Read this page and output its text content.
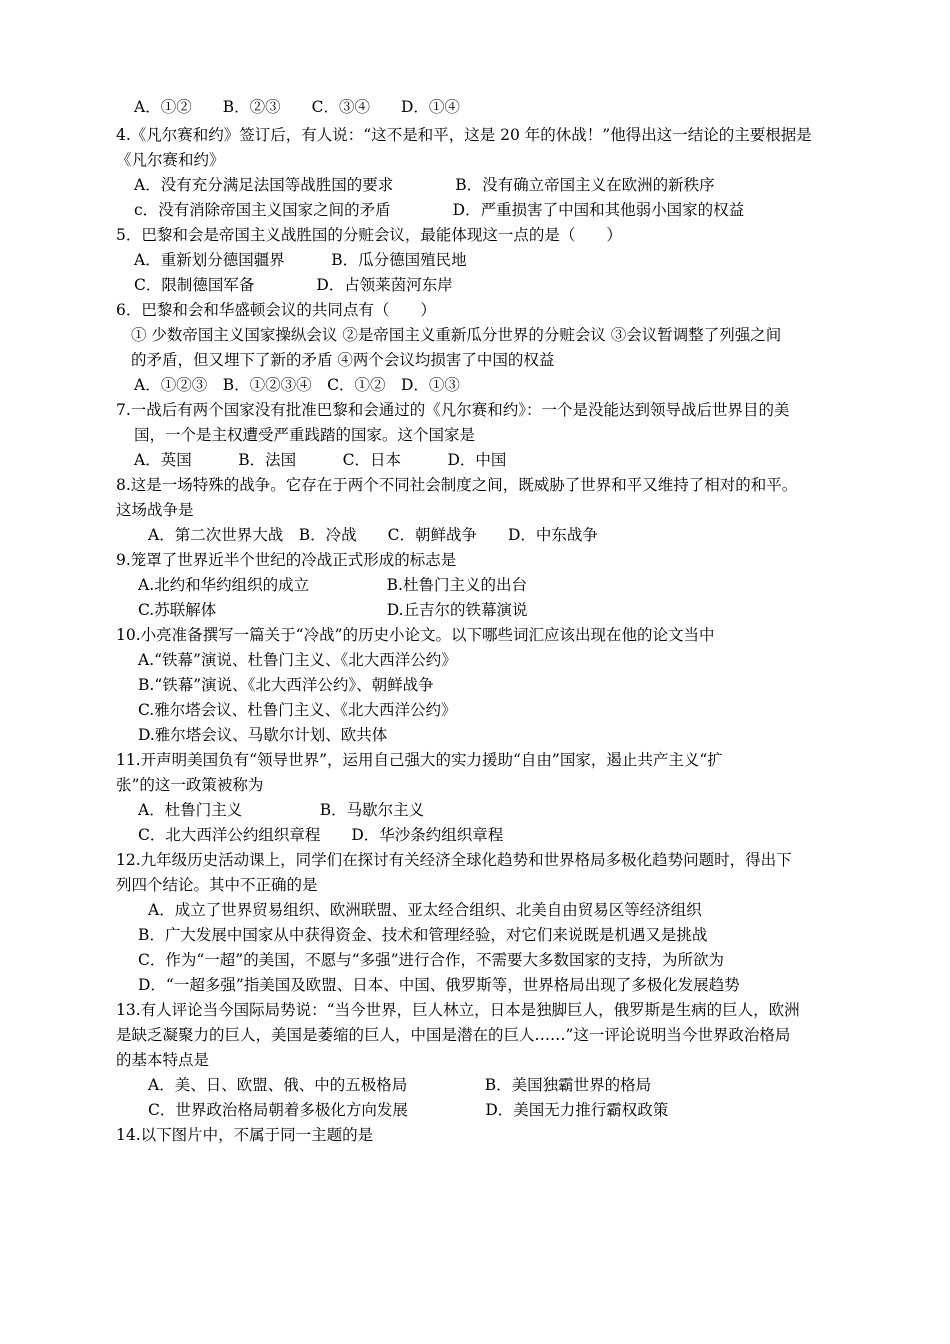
A．①②　　B．②③　　C．③④　　D．①④
4.《凡尔赛和约》签订后，有人说：“这不是和平，这是 20 年的休战！”他得出这一结论的主要根据是
《凡尔赛和约》
A．没有充分满足法国等战胜国的要求　　　　B．没有确立帝国主义在欧洲的新秩序
c．没有消除帝国主义国家之间的矛盾　　　　D．严重损害了中国和其他弱小国家的权益
5．巴黎和会是帝国主义战胜国的分赃会议，最能体现这一点的是（　　）
A．重新划分德国疆界　　　B．瓜分德国殖民地
C．限制德国军备　　　　D．占领莱茵河东岸
6．巴黎和会和华盛顿会议的共同点有（　　）
① 少数帝国主义国家操纵会议 ②是帝国主义重新瓜分世界的分赃会议 ③会议暂调整了列强之间
的矛盾，但又埋下了新的矛盾 ④两个会议均损害了中国的权益
A．①②③　B．①②③④　C．①②　D．①③
7.一战后有两个国家没有批准巴黎和会通过的《凡尔赛和约》：一个是没能达到领导战后世界目的美
国，一个是主权遭受严重践踏的国家。这个国家是
A．英国　　　B．法国　　　C．日本　　　D．中国
8.这是一场特殊的战争。它存在于两个不同社会制度之间，既威胁了世界和平又维持了相对的和平。
这场战争是
A．第二次世界大战　B．冷战　　C．朝鲜战争　　D．中东战争
9.笼罩了世界近半个世纪的冷战正式形成的标志是
A.北约和华约组织的成立　　　　　B.杜鲁门主义的出台
C.苏联解体　　　　　　　　　　　D.丘吉尔的铁幕演说
10.小亮准备撰写一篇关于“冷战”的历史小论文。以下哪些词汇应该出现在他的论文当中
A.“铁幕”演说、杜鲁门主义、《北大西洋公约》
B.“铁幕”演说、《北大西洋公约》、朝鲜战争
C.雅尔塔会议、杜鲁门主义、《北大西洋公约》
D.雅尔塔会议、马歇尔计划、欧共体
11.开声明美国负有“领导世界”，运用自己强大的实力援助“自由”国家，遏止共产主义“扩
张”的这一政策被称为
A．杜鲁门主义　　　　　B．马歇尔主义
C．北大西洋公约组织章程　　D．华沙条约组织章程
12.九年级历史活动课上，同学们在探讨有关经济全球化趋势和世界格局多极化趋势问题时，得出下
列四个结论。其中不正确的是
A．成立了世界贸易组织、欧洲联盟、亚太经合组织、北美自由贸易区等经济组织
B．广大发展中国家从中获得资金、技术和管理经验，对它们来说既是机遇又是挑战
C．作为“一超”的美国，不愿与“多强”进行合作，不需要大多数国家的支持，为所欲为
D．“一超多强”指美国及欧盟、日本、中国、俄罗斯等，世界格局出现了多极化发展趋势
13.有人评论当今国际局势说：“当今世界，巨人林立，日本是独脚巨人，俄罗斯是生病的巨人，欧洲
是缺乏凝聚力的巨人，美国是萎缩的巨人，中国是潜在的巨人……”这一评论说明当今世界政治格局
的基本特点是
A．美、日、欧盟、俄、中的五极格局　　　　　B．美国独霸世界的格局
C．世界政治格局朝着多极化方向发展　　　　　D．美国无力推行霸权政策
14.以下图片中，不属于同一主题的是
